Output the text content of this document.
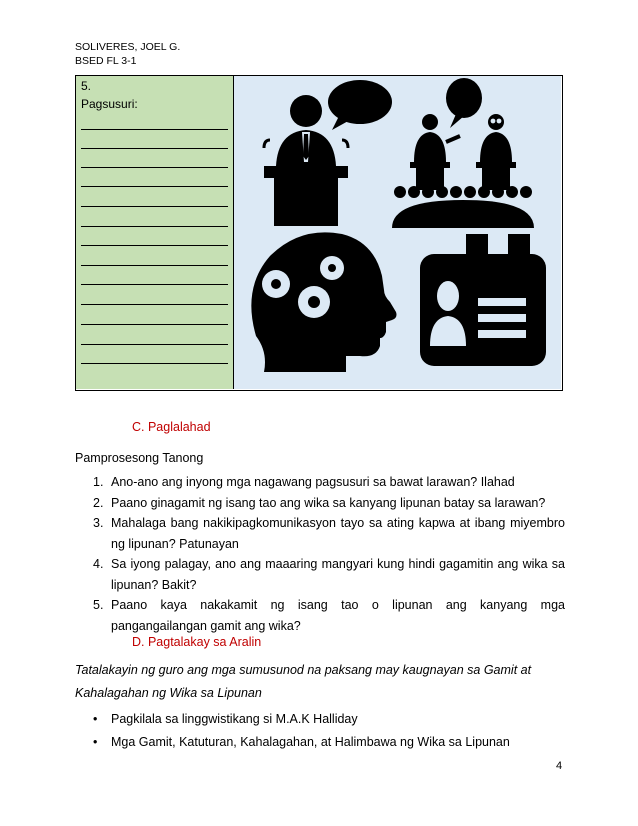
SOLIVERES, JOEL G.
BSED FL 3-1
5.
Pagsusuri:
C. Paglalahad
Pamprosesong Tanong
1. Ano-ano ang inyong mga nagawang pagsusuri sa bawat larawan? Ilahad
2. Paano ginagamit ng isang tao ang wika sa kanyang lipunan batay sa larawan?
3. Mahalaga bang nakikipagkomunikasyon tayo sa ating kapwa at ibang miyembro ng lipunan? Patunayan
4. Sa iyong palagay, ano ang maaaring mangyari kung hindi gagamitin ang wika sa lipunan? Bakit?
5. Paano kaya nakakamit ng isang tao o lipunan ang kanyang mga pangangailangan gamit ang wika?
D. Pagtalakay sa Aralin
Tatalakayin ng guro ang mga sumusunod na paksang may kaugnayan sa Gamit at Kahalagahan ng Wika sa Lipunan
• Pagkilala sa linggwistikang si M.A.K Halliday
• Mga Gamit, Katuturan, Kahalagahan, at Halimbawa ng Wika sa Lipunan
4
